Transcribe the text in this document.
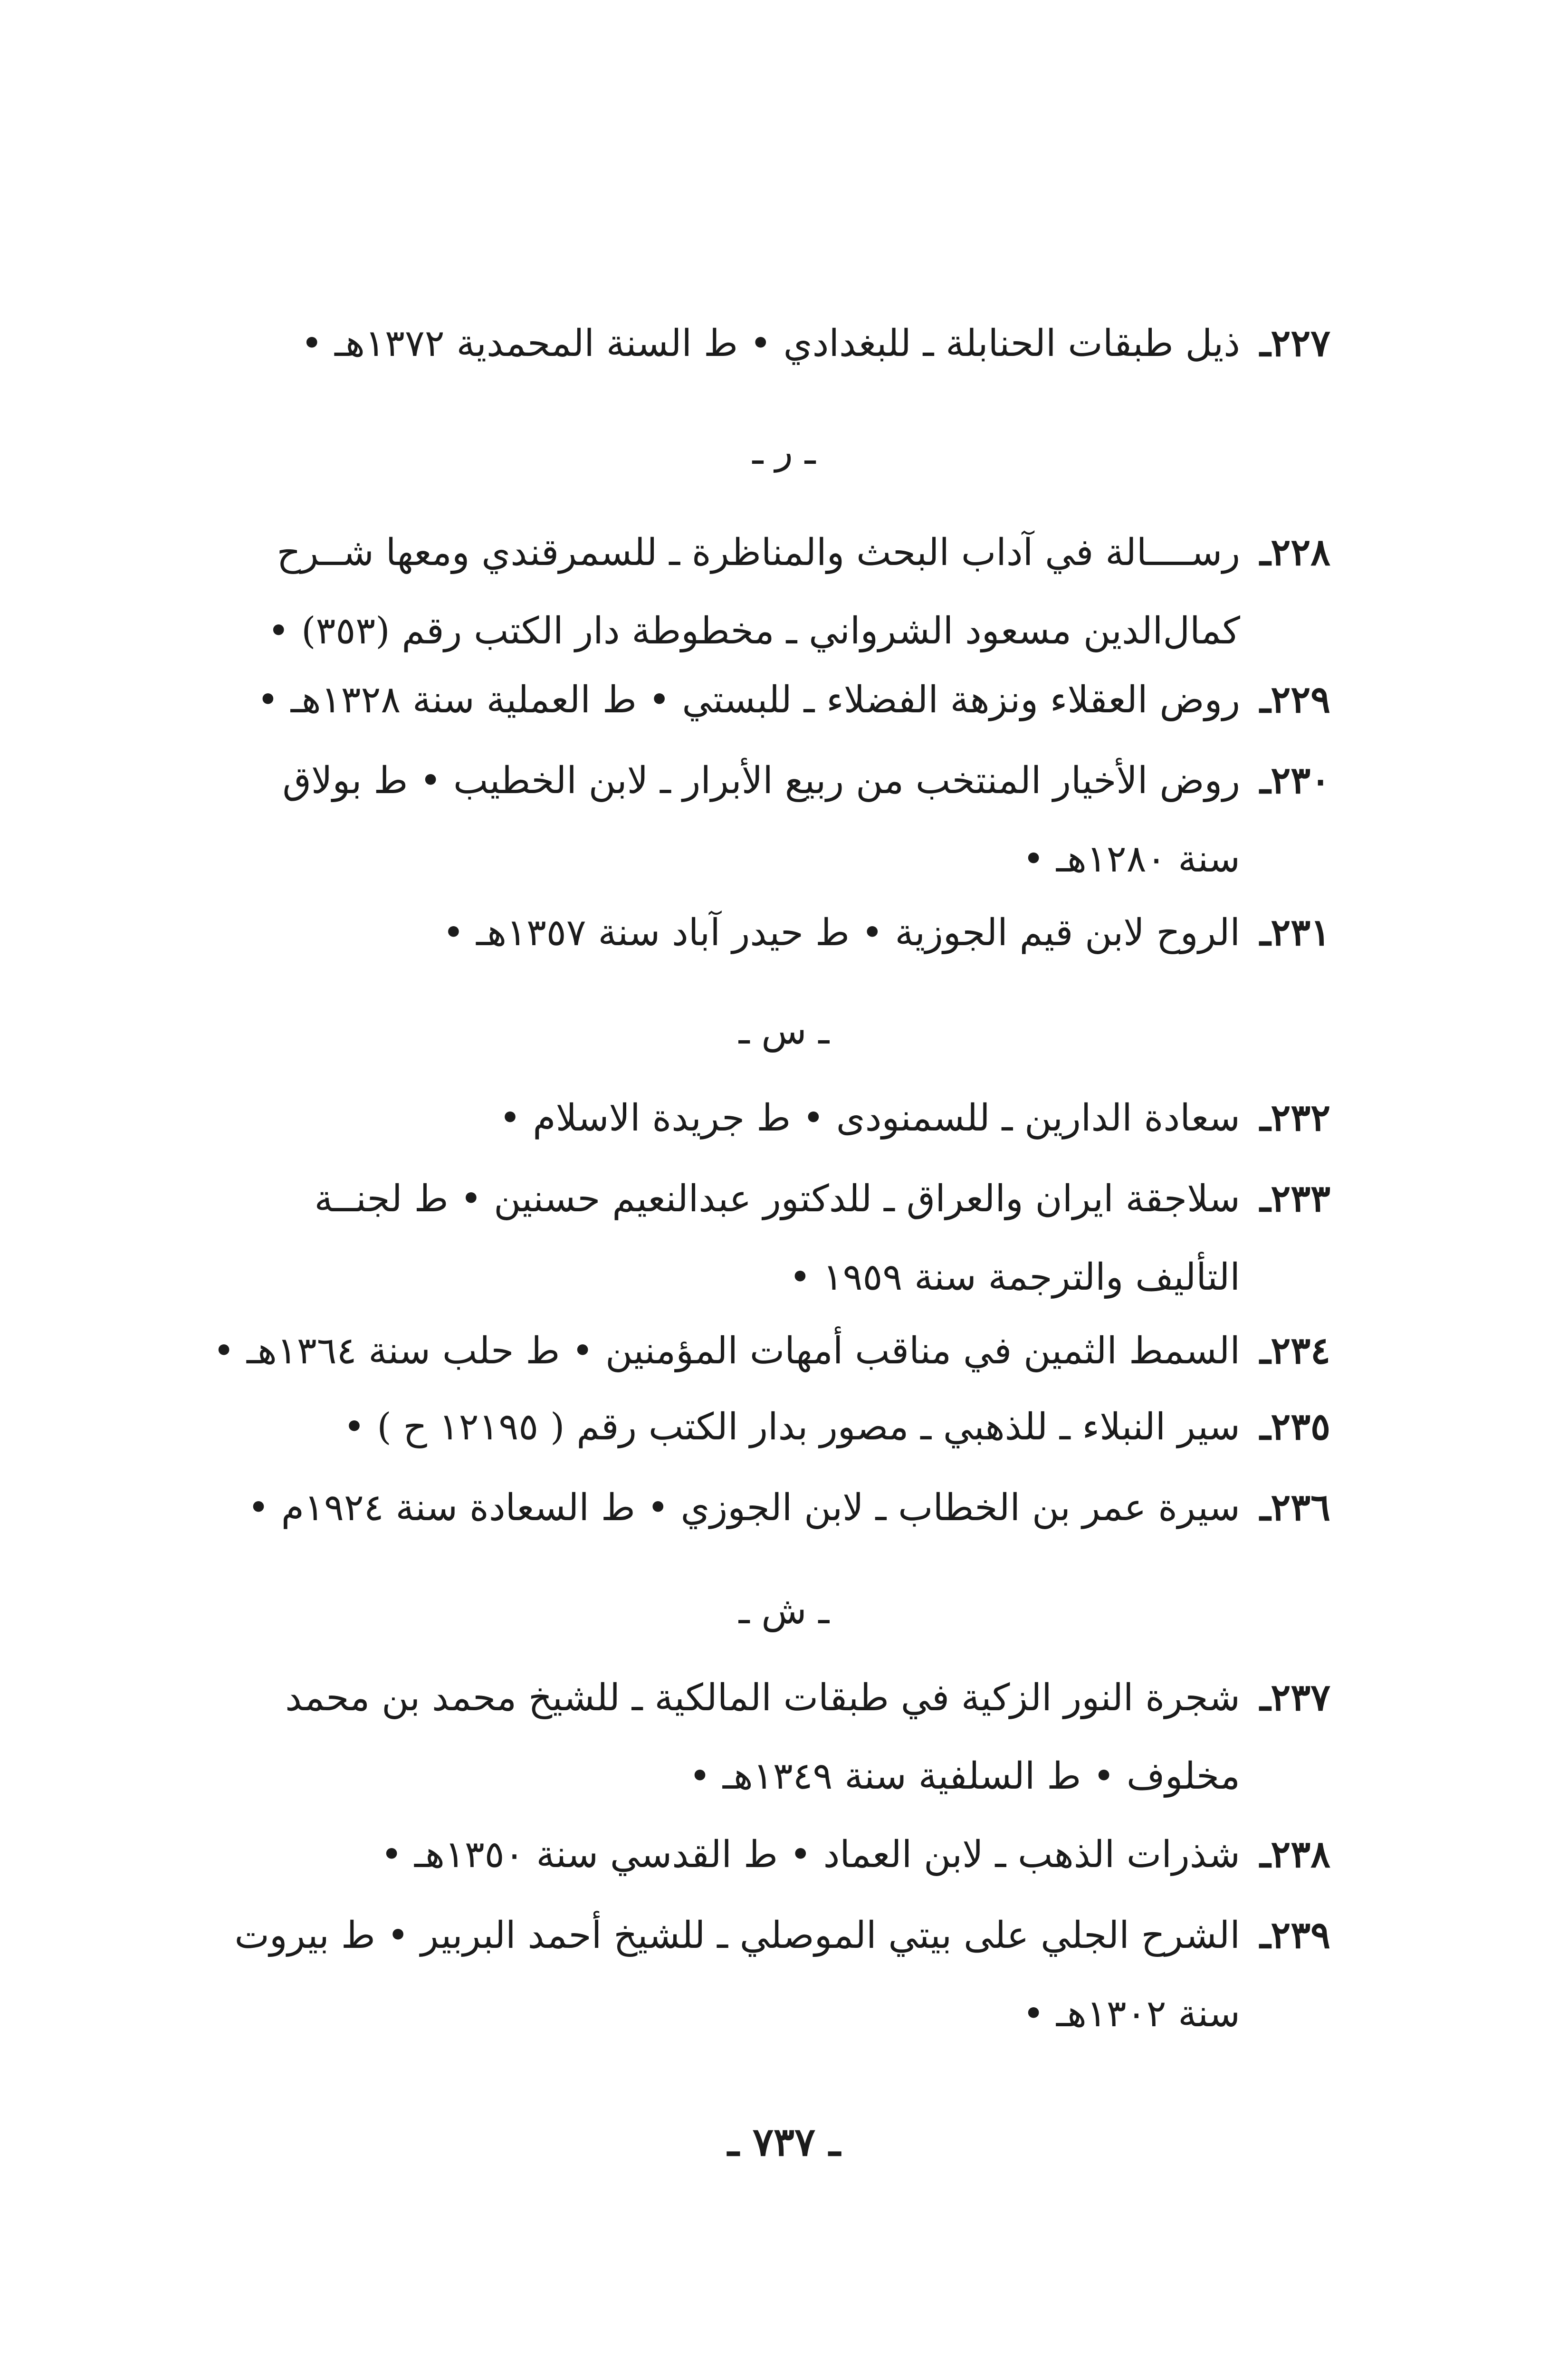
٢٢٧ـذيل طبقات الحنابلة ـ للبغدادي • ط السنة المحمدية ١٣٧٢هـ •
ـ ر ـ
٢٢٨ـرســــالة في آداب البحث والمناظرة ـ للسمرقندي ومعها شــرح
كمال‌الدين مسعود الشرواني ـ مخطوطة دار الكتب رقم (٣٥٣) •
٢٢٩ـروض العقلاء ونزهة الفضلاء ـ للبستي • ط العملية سنة ١٣٢٨هـ •
٢٣٠ـروض الأخيار المنتخب من ربيع الأبرار ـ لابن الخطيب • ط بولاق
سنة ١٢٨٠هـ •
٢٣١ـالروح لابن قيم الجوزية • ط حيدر آباد سنة ١٣٥٧هـ •
ـ س ـ
٢٣٢ـسعادة الدارين ـ للسمنودى • ط جريدة الاسلام •
٢٣٣ـسلاجقة ايران والعراق ـ للدكتور عبدالنعيم حسنين • ط لجنــة
التأليف والترجمة سنة ١٩٥٩ •
٢٣٤ـالسمط الثمين في مناقب أمهات المؤمنين • ط حلب سنة ١٣٦٤هـ •
٢٣٥ـسير النبلاء ـ للذهبي ـ مصور بدار الكتب رقم ( ١٢١٩٥ ح ) •
٢٣٦ـسيرة عمر بن الخطاب ـ لابن الجوزي • ط السعادة سنة ١٩٢٤م •
ـ ش ـ
٢٣٧ـشجرة النور الزكية في طبقات المالكية ـ للشيخ محمد بن محمد
مخلوف • ط السلفية سنة ١٣٤٩هـ •
٢٣٨ـشذرات الذهب ـ لابن العماد • ط القدسي سنة ١٣٥٠هـ •
٢٣٩ـالشرح الجلي على بيتي الموصلي ـ للشيخ أحمد البربير • ط بيروت
سنة ١٣٠٢هـ •
ـ ٧٣٧ ـ
